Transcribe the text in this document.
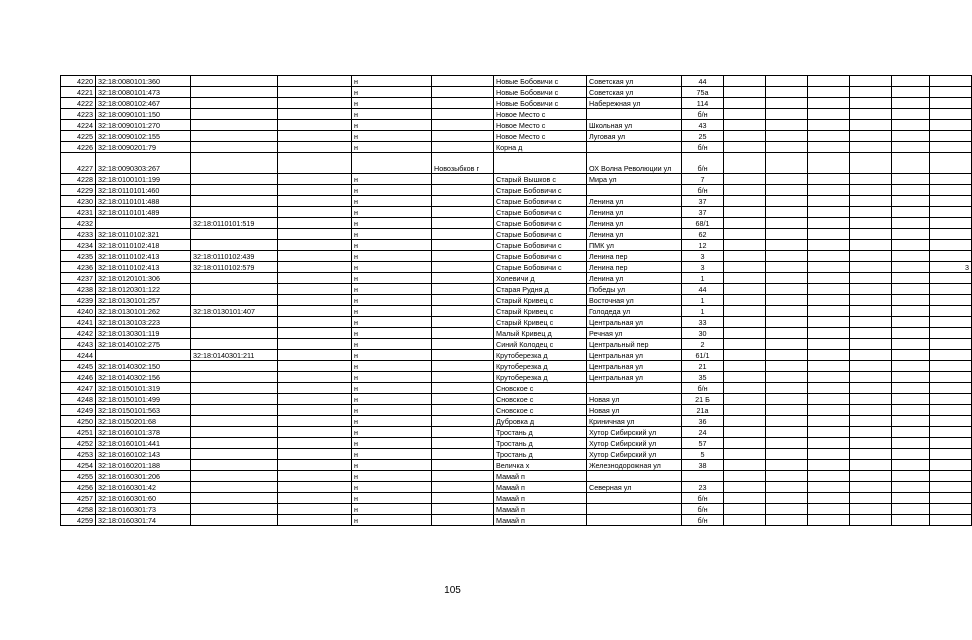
4220	32:18:0080101:360			н		Новые Бобовичи с	Советская ул	44						
4221	32:18:0080101:473			н		Новые Бобовичи с	Советская ул	75а						
4222	32:18:0080102:467			н		Новые Бобовичи с	Набережная ул	114						
4223	32:18:0090101:150			н		Новое Место с		б/н						
4224	32:18:0090101:270			н		Новое Место с	Школьная ул	43						
4225	32:18:0090102:155			н		Новое Место с	Луговая ул	25						
4226	32:18:0090201:79			н		Корна д		б/н						
4227	32:18:0090303:267				Новозыбков г		ОХ Волна Революции ул	б/н						
4228	32:18:0100101:199			н		Старый Вышков с	Мира ул	7						
4229	32:18:0110101:460			н		Старые Бобовичи с		б/н						
4230	32:18:0110101:488			н		Старые Бобовичи с	Ленина ул	37						
4231	32:18:0110101:489			н		Старые Бобовичи с	Ленина ул	37						
4232		32:18:0110101:519		н		Старые Бобовичи с	Ленина ул	68/1						
4233	32:18:0110102:321			н		Старые Бобовичи с	Ленина ул	62						
4234	32:18:0110102:418			н		Старые Бобовичи с	ПМК ул	12						
4235	32:18:0110102:413	32:18:0110102:439		н		Старые Бобовичи с	Ленина пер	3						
4236	32:18:0110102:413	32:18:0110102:579		н		Старые Бобовичи с	Ленина пер	3						3
4237	32:18:0120101:306			н		Холевичи д	Ленина ул	1						
4238	32:18:0120301:122			н		Старая Рудня д	Победы ул	44						
4239	32:18:0130101:257			н		Старый Кривец с	Восточная ул	1						
4240	32:18:0130101:262	32:18:0130101:407		н		Старый Кривец с	Голодеда ул	1						
4241	32:18:0130103:223			н		Старый Кривец с	Центральная ул	33						
4242	32:18:0130301:119			н		Малый Кривец д	Речная ул	30						
4243	32:18:0140102:275			н		Синий Колодец с	Центральный пер	2						
4244		32:18:0140301:211		н		Крутоберезка д	Центральная ул	61/1						
4245	32:18:0140302:150			н		Крутоберезка д	Центральная ул	21						
4246	32:18:0140302:156			н		Крутоберезка д	Центральная ул	35						
4247	32:18:0150101:319			н		Сновское с		б/н						
4248	32:18:0150101:499			н		Сновское с	Новая ул	21 Б						
4249	32:18:0150101:563			н		Сновское с	Новая ул	21а						
4250	32:18:0150201:68			н		Дубровка д	Криничная ул	36						
4251	32:18:0160101:378			н		Тростань д	Хутор Сибирский ул	24						
4252	32:18:0160101:441			н		Тростань д	Хутор Сибирский ул	57						
4253	32:18:0160102:143			н		Тростань д	Хутор Сибирский ул	5						
4254	32:18:0160201:188			н		Величка х	Железнодорожная ул	38						
4255	32:18:0160301:206			н		Мамай п								
4256	32:18:0160301:42			н		Мамай п	Северная ул	23						
4257	32:18:0160301:60			н		Мамай п		б/н						
4258	32:18:0160301:73			н		Мамай п		б/н						
4259	32:18:0160301:74			н		Мамай п		б/н						
105
